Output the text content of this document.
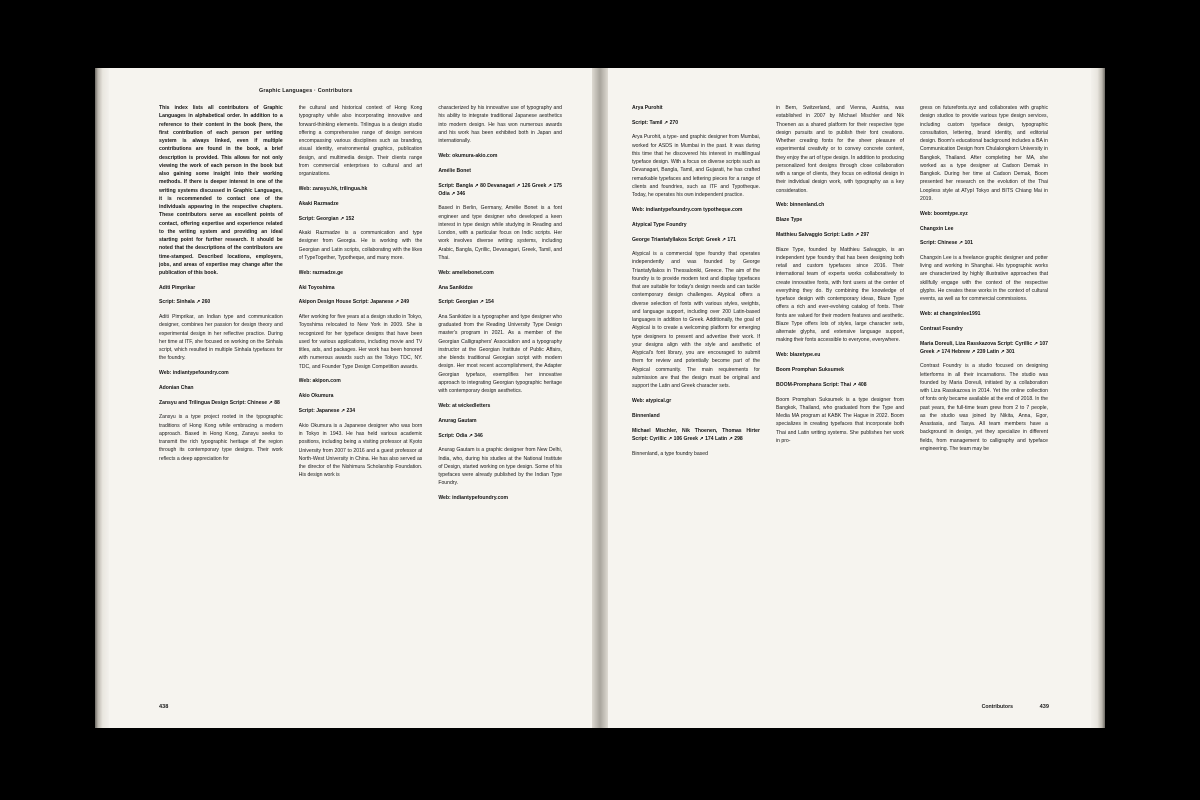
Graphic Languages · Contributors

This index lists all contributors of Graphic Languages in alphabetical order. In addition to a reference to their content in the book (here, the first contribution of each person per writing system is always linked, even if multiple contributions are found in the book, a brief description is provided. This allows for not only viewing the work of each person in the book but also gaining some insight into their working methods. If there is deeper interest in one of the writing systems discussed in Graphic Languages, it is recommended to contact one of the individuals appearing in the respective chapters. These contributors serve as excellent points of contact, offering expertise and experience related to the writing system and providing an ideal starting point for further research. It should be noted that the descriptions of the contributors are time-stamped. Described locations, employers, jobs, and areas of expertise may change after the publication of this book.

Aditi Pimprikar

Script: Sinhala ↗ 260

Aditi Pimprikar, an Indian type and communication designer, combines her passion for design theory and experimental design in her reflective practice. During her time at ITF, she focused on working on the Sinhala script, which resulted in multiple Sinhala typefaces for the foundry.

Web: indiantypefoundry.com

Adonian Chan

Zansyu and Trilingua Design Script: Chinese ↗ 88

Zansyu is a type project rooted in the typographic traditions of Hong Kong while embracing a modern approach. Based in Hong Kong, Zansyu seeks to transmit the rich typographic heritage of the region through its contemporary type designs. Their work reflects a deep appreciation for

the cultural and historical context of Hong Kong typography while also incorporating innovative and forward-thinking elements. Trilingua is a design studio offering a comprehensive range of design services encompassing various disciplines such as branding, visual identity, environmental graphics, publication design, and multimedia design. Their clients range from commercial enterprises to cultural and art organizations.

Web: zansyu.hk, trilingua.hk

Akaki Razmadze

Script: Georgian ↗ 152

Akaki Razmadze is a communication and type designer from Georgia. He is working with the Georgian and Latin scripts, collaborating with the likes of TypeTogether, Typotheque, and many more.

Web: razmadze.ge

Aki Toyoshima

Akipon Design House Script: Japanese ↗ 249

After working for five years at a design studio in Tokyo, Toyoshima relocated to New York in 2009. She is recognized for her typeface designs that have been used for various applications, including movie and TV titles, ads, and packages. Her work has been honored with numerous awards such as the Tokyo TDC, NY. TDC, and Founder Type Design Competition awards.

Web: akipon.com

Akio Okumura

Script: Japanese ↗ 234

Akio Okumura is a Japanese designer who was born in Tokyo in 1943. He has held various academic positions, including being a visiting professor at Kyoto University from 2007 to 2016 and a guest professor at North-West University in China. He has also served as the director of the Nishimura Scholarship Foundation. His design work is

characterized by his innovative use of typography and his ability to integrate traditional Japanese aesthetics into modern design. He has won numerous awards and his work has been exhibited both in Japan and internationally.

Web: okumura-akio.com

Amélie Bonet

Script: Bangla ↗ 80 Devanagari ↗ 126 Greek ↗ 175 Odia ↗ 346

Based in Berlin, Germany, Amélie Bonet is a font engineer and type designer who developed a keen interest in type design while studying in Reading and London, with a particular focus on Indic scripts. Her work involves diverse writing systems, including Arabic, Bangla, Cyrillic, Devanagari, Greek, Tamil, and Thai.

Web: ameliebonet.com

Ana Sanikidze

Script: Georgian ↗ 154

Ana Sanikidze is a typographer and type designer who graduated from the Reading University Type Design master's program in 2021. As a member of the Georgian Calligraphers' Association and a typography instructor at the Georgian Institute of Public Affairs, she blends traditional Georgian script with modern design. Her most recent accomplishment, the Adapter Georgian typeface, exemplifies her innovative approach to integrating Georgian typographic heritage with contemporary design aesthetics.

Web: at wickedletters

Anurag Gautam

Script: Odia ↗ 346

Anurag Gautam is a graphic designer from New Delhi, India, who, during his studies at the National Institute of Design, started working on type design. Some of his typefaces were already published by the Indian Type Foundry.

Web: indiantypefoundry.com

438

Arya Purohit

Script: Tamil ↗ 270

Arya Purohit, a type- and graphic designer from Mumbai, worked for ASDS in Mumbai in the past. It was during this time that he discovered his interest in multilingual typeface design. With a focus on diverse scripts such as Devanagari, Bangla, Tamil, and Gujarati, he has crafted remarkable typefaces and lettering pieces for a range of clients and foundries, such as ITF and Typotheque. Today, he operates his own independent practice.

Web: indiantypefoundry.com typotheque.com

Atypical Type Foundry

George Triantafyllakos Script: Greek ↗ 171

Atypical is a commercial type foundry that operates independently and was founded by George Triantafyllakos in Thessaloniki, Greece. The aim of the foundry is to provide modern text and display typefaces that are suitable for today's design needs and can tackle contemporary design challenges. Atypical offers a diverse selection of fonts with various styles, weights, and language support, including over 200 Latin-based languages in addition to Greek. Additionally, the goal of Atypical is to create a welcoming platform for emerging type designers to present and advertise their work. If your designs align with the style and aesthetic of Atypical's font library, you are encouraged to submit them for review and potentially become part of the Atypical community. The main requirements for submission are that the design must be original and support the Latin and Greek character sets.

Web: atypical.gr

Binnenland

Michael Mischler, Nik Thoenen, Thomas Hirter Script: Cyrillic ↗ 106 Greek ↗ 174 Latin ↗ 298

Binnenland, a type foundry based

in Bern, Switzerland, and Vienna, Austria, was established in 2007 by Michael Mischler and Nik Thoenen as a shared platform for their respective type design pursuits and to publish their font creations. Whether creating fonts for the sheer pleasure of experimental creativity or to convey concrete content, they enjoy the art of type design. In addition to producing personalized font designs through close collaboration with a range of clients, they focus on editorial design in their individual design work, with typography as a key consideration.

Web: binnenland.ch

Blaze Type

Matthieu Salvaggio Script: Latin ↗ 297

Blaze Type, founded by Matthieu Salvaggio, is an independent type foundry that has been designing both retail and custom typefaces since 2016. Their international team of experts works collaboratively to create innovative fonts, with font users at the center of everything they do. By combining the knowledge of typeface design with contemporary ideas, Blaze Type offers a rich and ever-evolving catalog of fonts. Their fonts are valued for their modern features and aesthetic. Blaze Type offers lots of styles, large character sets, alternate glyphs, and extensive language support, making their fonts accessible to everyone, everywhere.

Web: blazetype.eu

Boom Promphan Suksumek

BOOM-Promphans Script: Thai ↗ 408

Boom Promphan Suksumek is a type designer from Bangkok, Thailand, who graduated from the Type and Media MA program at KABK The Hague in 2022. Boom specializes in creating typefaces that incorporate both Thai and Latin writing systems. She publishes her work in pro-

gress on futurefonts.xyz and collaborates with graphic design studios to provide various type design services, including custom typeface design, typographic consultation, lettering, brand identity, and editorial design. Boom's educational background includes a BA in Communication Design from Chulalongkorn University in Bangkok, Thailand. After completing her MA, she worked as a type designer at Cadson Demak in Bangkok. During her time at Cadson Demak, Boom presented her research on the evolution of the Thai Loopless style at ATypI Tokyo and BITS Chiang Mai in 2019.

Web: boomtype.xyz

Changxin Lee

Script: Chinese ↗ 101

Changxin Lee is a freelance graphic designer and potter living and working in Shanghai. His typographic works are characterized by highly illustrative approaches that skillfully engage with the context of the respective glyphs. He creates these works in the context of cultural events, as well as for commercial commissions.

Web: at changxinlee1991

Contrast Foundry

Maria Doreuli, Liza Rasskazova Script: Cyrillic ↗ 107 Greek ↗ 174 Hebrew ↗ 239 Latin ↗ 301

Contrast Foundry is a studio focused on designing letterforms in all their incarnations. The studio was founded by Maria Doreuli, initiated by a collaboration with Liza Rasskazova in 2014. Yet the online collection of fonts only became available at the end of 2018. In the past years, the full-time team grew from 2 to 7 people, as the studio was joined by Nikita, Anna, Egor, Anastasia, and Tasya. All team members have a background in design, yet they specialize in different fields, from management to calligraphy and typeface engineering. The team may be

Contributors	439
